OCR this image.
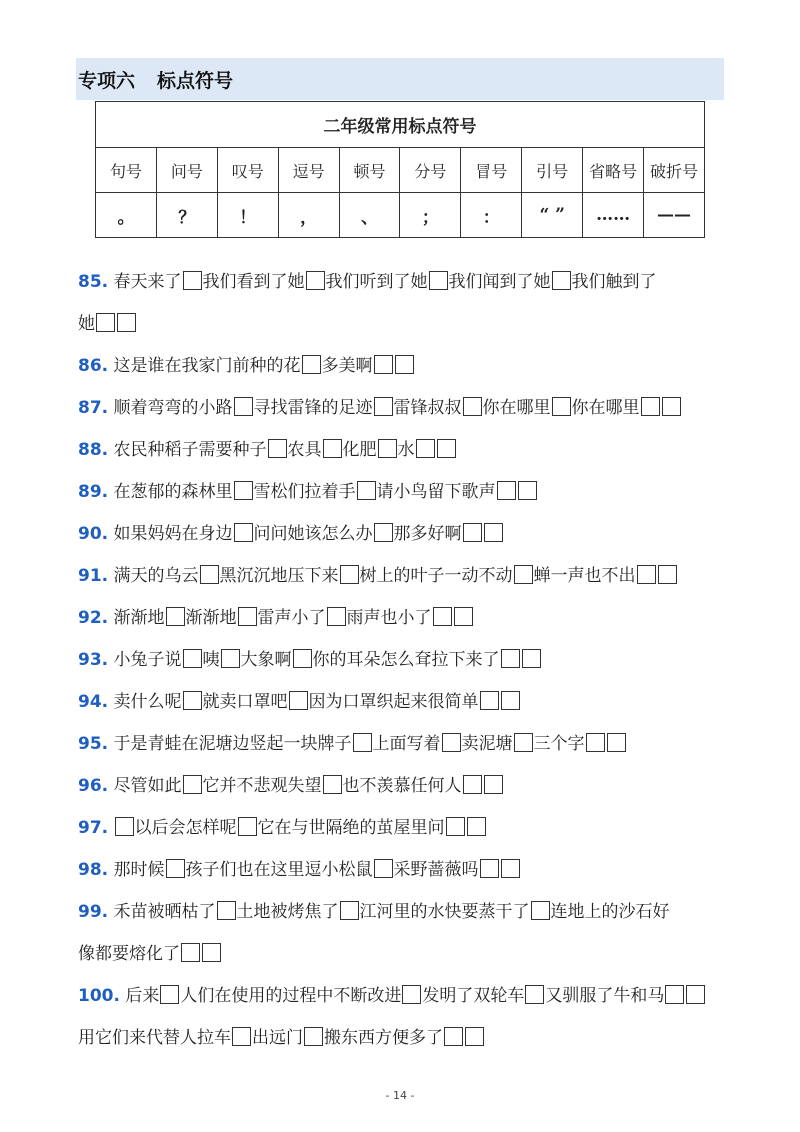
专项六 标点符号
二年级常用标点符号									
句号	问号	叹号	逗号	顿号	分号	冒号	引号	省略号	破折号
。	？	！	，	、	；	：	“ ”	……	——
85. 春天来了 我们看到了她 我们听到了她 我们闻到了她 我们触到了
她
86. 这是谁在我家门前种的花 多美啊
87. 顺着弯弯的小路 寻找雷锋的足迹 雷锋叔叔 你在哪里 你在哪里
88. 农民种稻子需要种子 农具 化肥 水
89. 在葱郁的森林里 雪松们拉着手 请小鸟留下歌声
90. 如果妈妈在身边 问问她该怎么办 那多好啊
91. 满天的乌云 黑沉沉地压下来 树上的叶子一动不动 蝉一声也不出
92. 渐渐地 渐渐地 雷声小了 雨声也小了
93. 小兔子说 咦 大象啊 你的耳朵怎么耷拉下来了
94. 卖什么呢 就卖口罩吧 因为口罩织起来很简单
95. 于是青蛙在泥塘边竖起一块牌子 上面写着 卖泥塘 三个字
96. 尽管如此 它并不悲观失望 也不羡慕任何人
97. 以后会怎样呢 它在与世隔绝的茧屋里问
98. 那时候 孩子们也在这里逗小松鼠 采野蔷薇吗
99. 禾苗被晒枯了 土地被烤焦了 江河里的水快要蒸干了 连地上的沙石好
像都要熔化了
100. 后来 人们在使用的过程中不断改进 发明了双轮车 又驯服了牛和马
用它们来代替人拉车 出远门 搬东西方便多了
- 14 -
